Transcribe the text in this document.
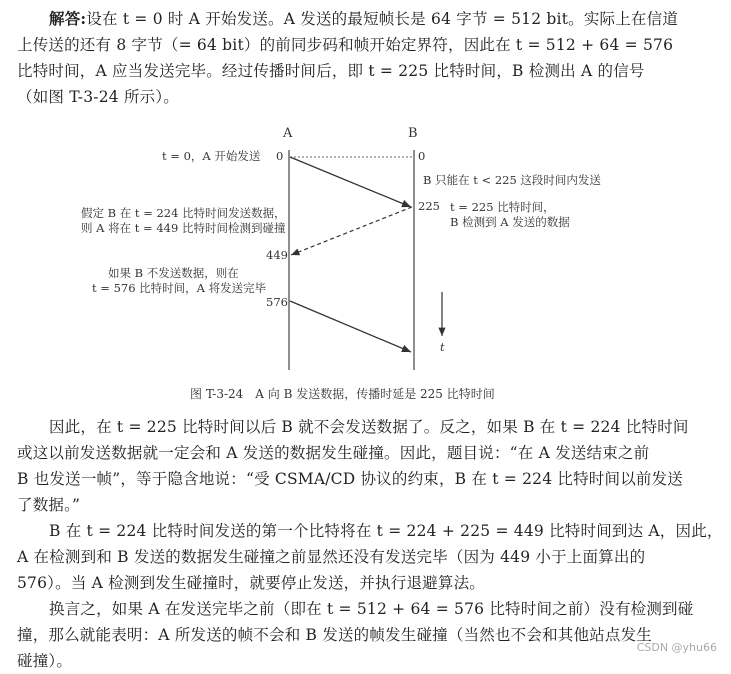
解答:设在 t = 0 时 A 开始发送。A 发送的最短帧长是 64 字节 = 512 bit。实际上在信道
上传送的还有 8 字节（= 64 bit）的前同步码和帧开始定界符，因此在 t = 512 + 64 = 576
比特时间，A 应当发送完毕。经过传播时间后，即 t = 225 比特时间，B 检测出 A 的信号
（如图 T-3-24 所示）。
A	B
0
449
576
0
225
t = 0，A 开始发送
B 只能在 t < 225 这段时间内发送
t = 225 比特时间，
B 检测到 A 发送的数据
假定 B 在 t = 224 比特时间发送数据，
则 A 将在 t = 449 比特时间检测到碰撞
如果 B 不发送数据，则在
t = 576 比特时间，A 将发送完毕
t
图 T-3-24　A 向 B 发送数据，传播时延是 225 比特时间
因此，在 t = 225 比特时间以后 B 就不会发送数据了。反之，如果 B 在 t = 224 比特时间
或这以前发送数据就一定会和 A 发送的数据发生碰撞。因此，题目说：“在 A 发送结束之前
B 也发送一帧”，等于隐含地说：“受 CSMA/CD 协议的约束，B 在 t = 224 比特时间以前发送
了数据。”
B 在 t = 224 比特时间发送的第一个比特将在 t = 224 + 225 = 449 比特时间到达 A，因此，
A 在检测到和 B 发送的数据发生碰撞之前显然还没有发送完毕（因为 449 小于上面算出的
576）。当 A 检测到发生碰撞时，就要停止发送，并执行退避算法。
换言之，如果 A 在发送完毕之前（即在 t = 512 + 64 = 576 比特时间之前）没有检测到碰
撞，那么就能表明：A 所发送的帧不会和 B 发送的帧发生碰撞（当然也不会和其他站点发生
碰撞）。
CSDN @yhu66
